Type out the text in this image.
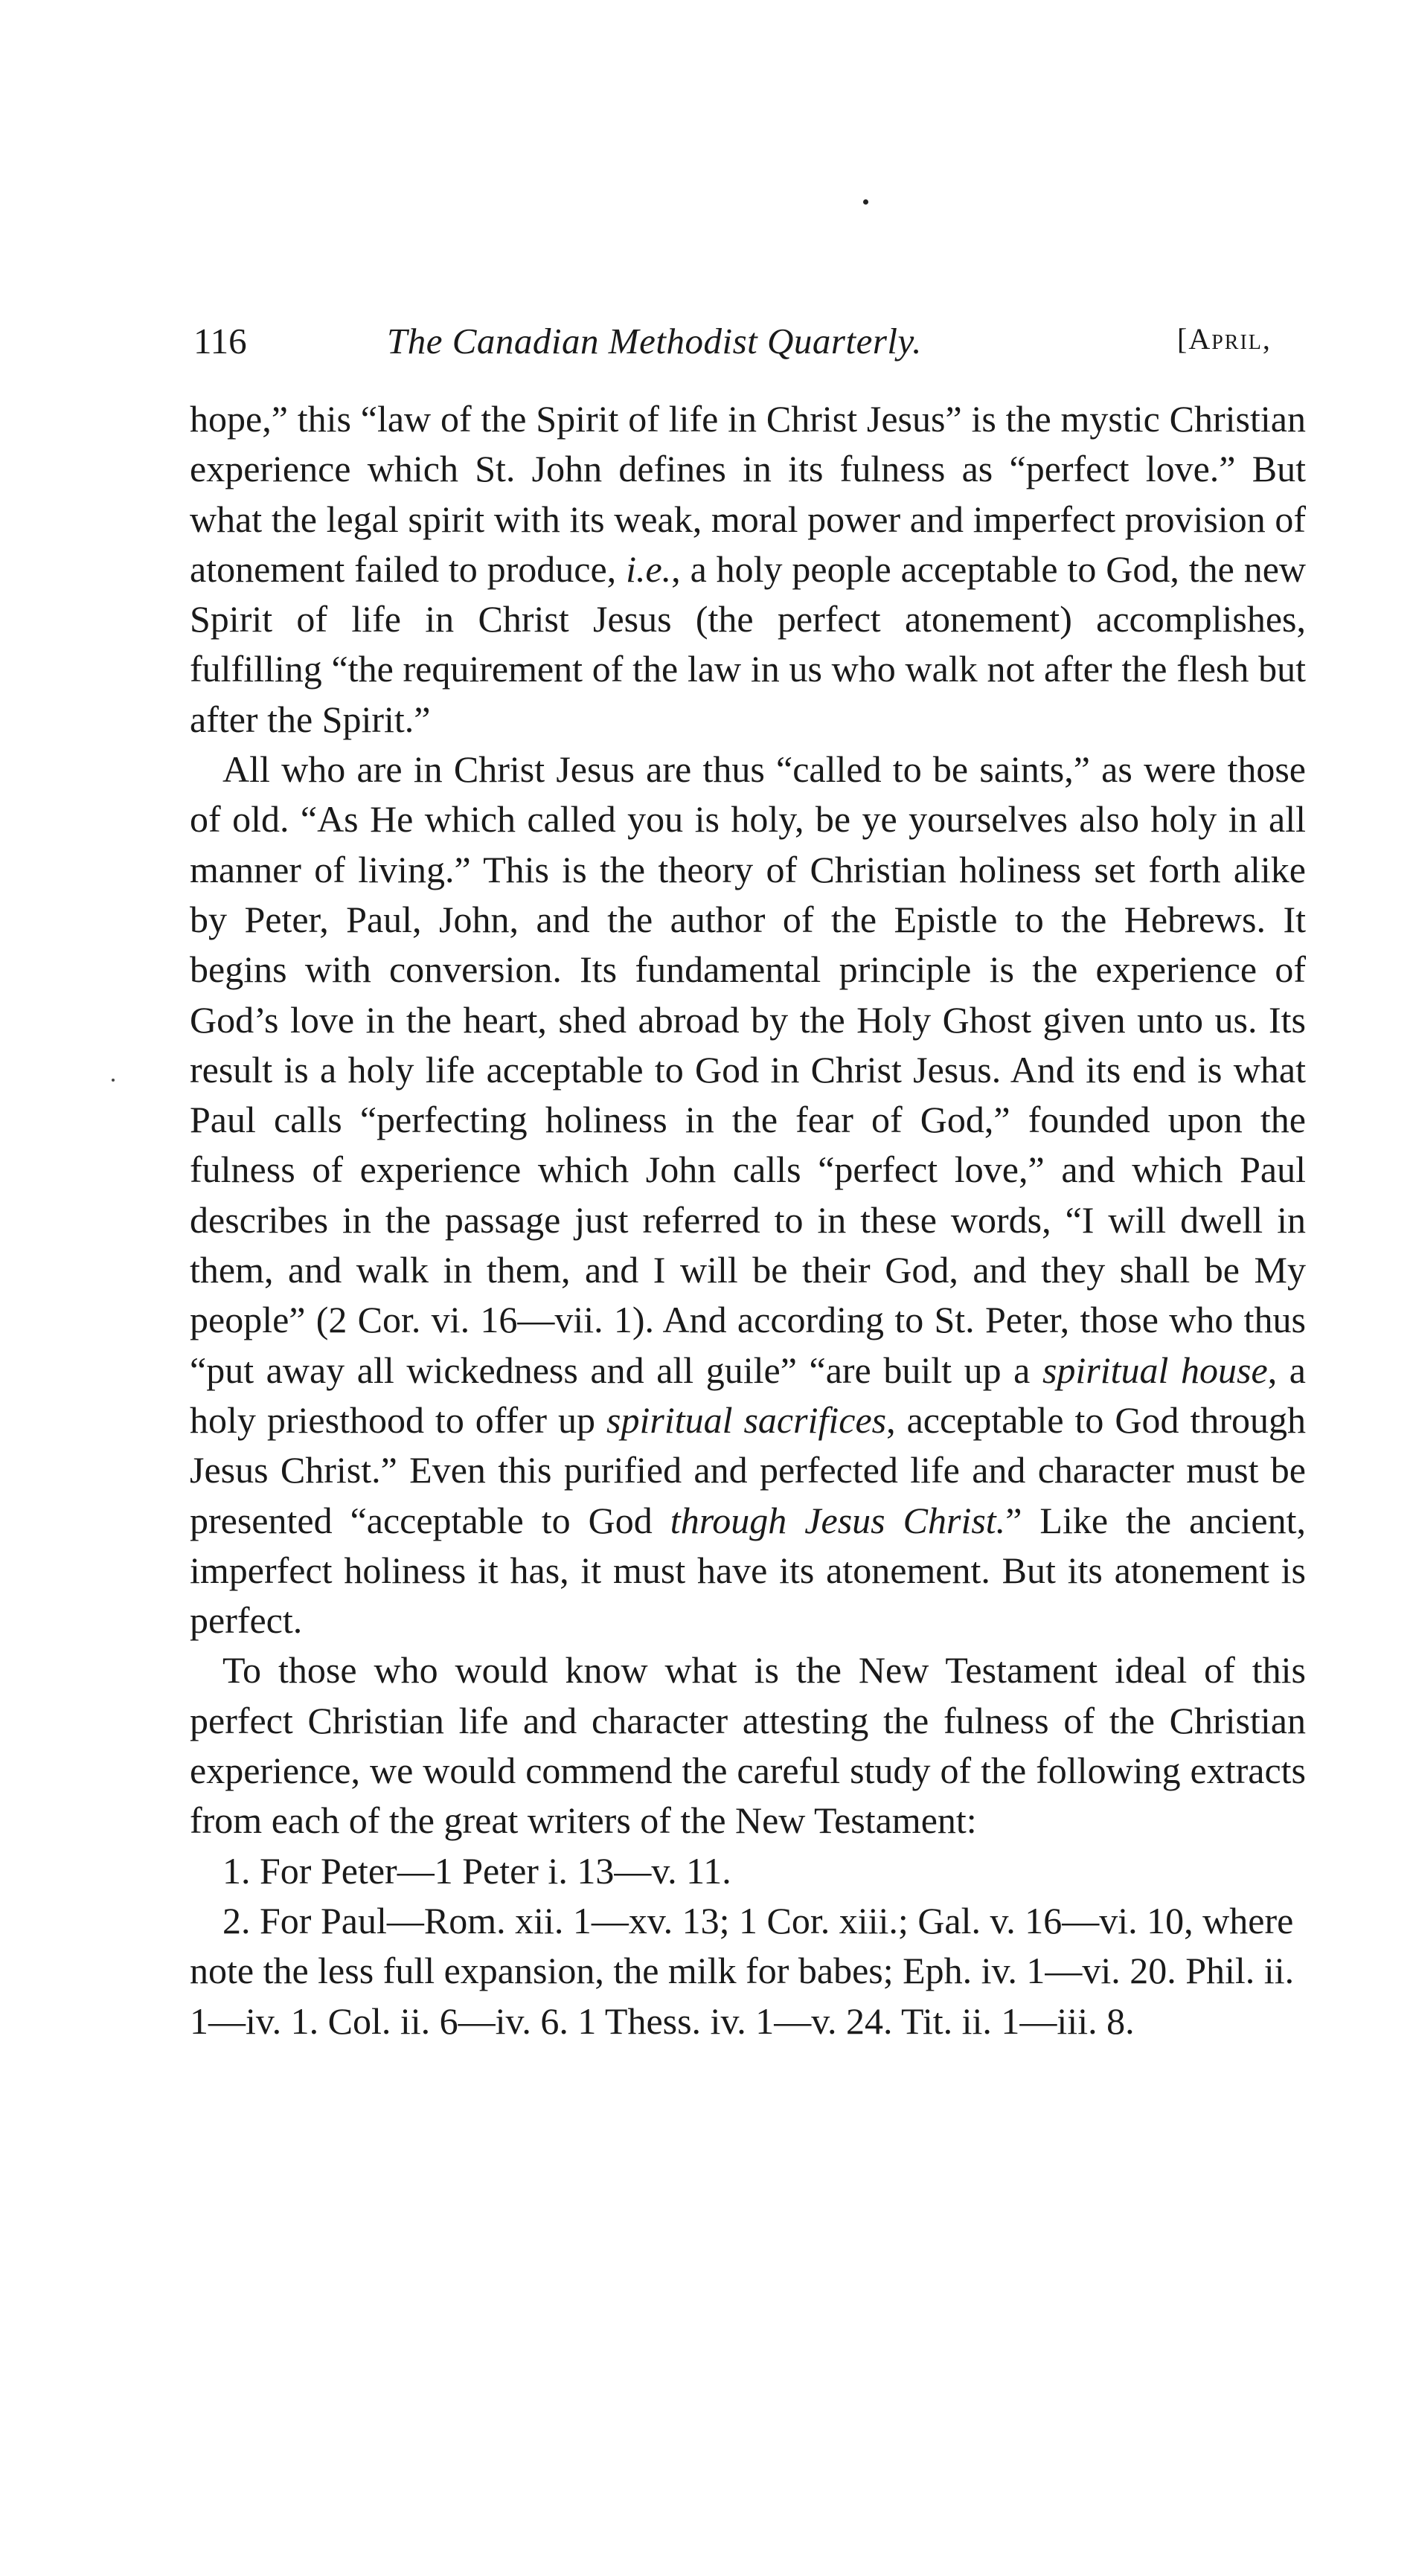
116	The Canadian Methodist Quarterly.	[April,

hope,” this “law of the Spirit of life in Christ Jesus” is the mystic Christian experience which St. John defines in its fulness as “perfect love.” But what the legal spirit with its weak, moral power and imperfect provision of atonement failed to produce, i.e., a holy people acceptable to God, the new Spirit of life in Christ Jesus (the perfect atonement) accomplishes, fulfilling “the requirement of the law in us who walk not after the flesh but after the Spirit.”

All who are in Christ Jesus are thus “called to be saints,” as were those of old. “As He which called you is holy, be ye yourselves also holy in all manner of living.” This is the theory of Christian holiness set forth alike by Peter, Paul, John, and the author of the Epistle to the Hebrews. It begins with conversion. Its fundamental principle is the experience of God’s love in the heart, shed abroad by the Holy Ghost given unto us. Its result is a holy life acceptable to God in Christ Jesus. And its end is what Paul calls “perfecting holiness in the fear of God,” founded upon the fulness of experience which John calls “perfect love,” and which Paul describes in the passage just referred to in these words, “I will dwell in them, and walk in them, and I will be their God, and they shall be My people” (2 Cor. vi. 16—vii. 1). And according to St. Peter, those who thus “put away all wickedness and all guile” “are built up a spiritual house, a holy priesthood to offer up spiritual sacrifices, acceptable to God through Jesus Christ.” Even this purified and perfected life and character must be presented “acceptable to God through Jesus Christ.” Like the ancient, imperfect holiness it has, it must have its atonement. But its atonement is perfect.

To those who would know what is the New Testament ideal of this perfect Christian life and character attesting the fulness of the Christian experience, we would commend the careful study of the following extracts from each of the great writers of the New Testament:

1. For Peter—1 Peter i. 13—v. 11.

2. For Paul—Rom. xii. 1—xv. 13; 1 Cor. xiii.; Gal. v. 16—vi. 10, where note the less full expansion, the milk for babes; Eph. iv. 1—vi. 20. Phil. ii. 1—iv. 1. Col. ii. 6—iv. 6. 1 Thess. iv. 1—v. 24. Tit. ii. 1—iii. 8.
